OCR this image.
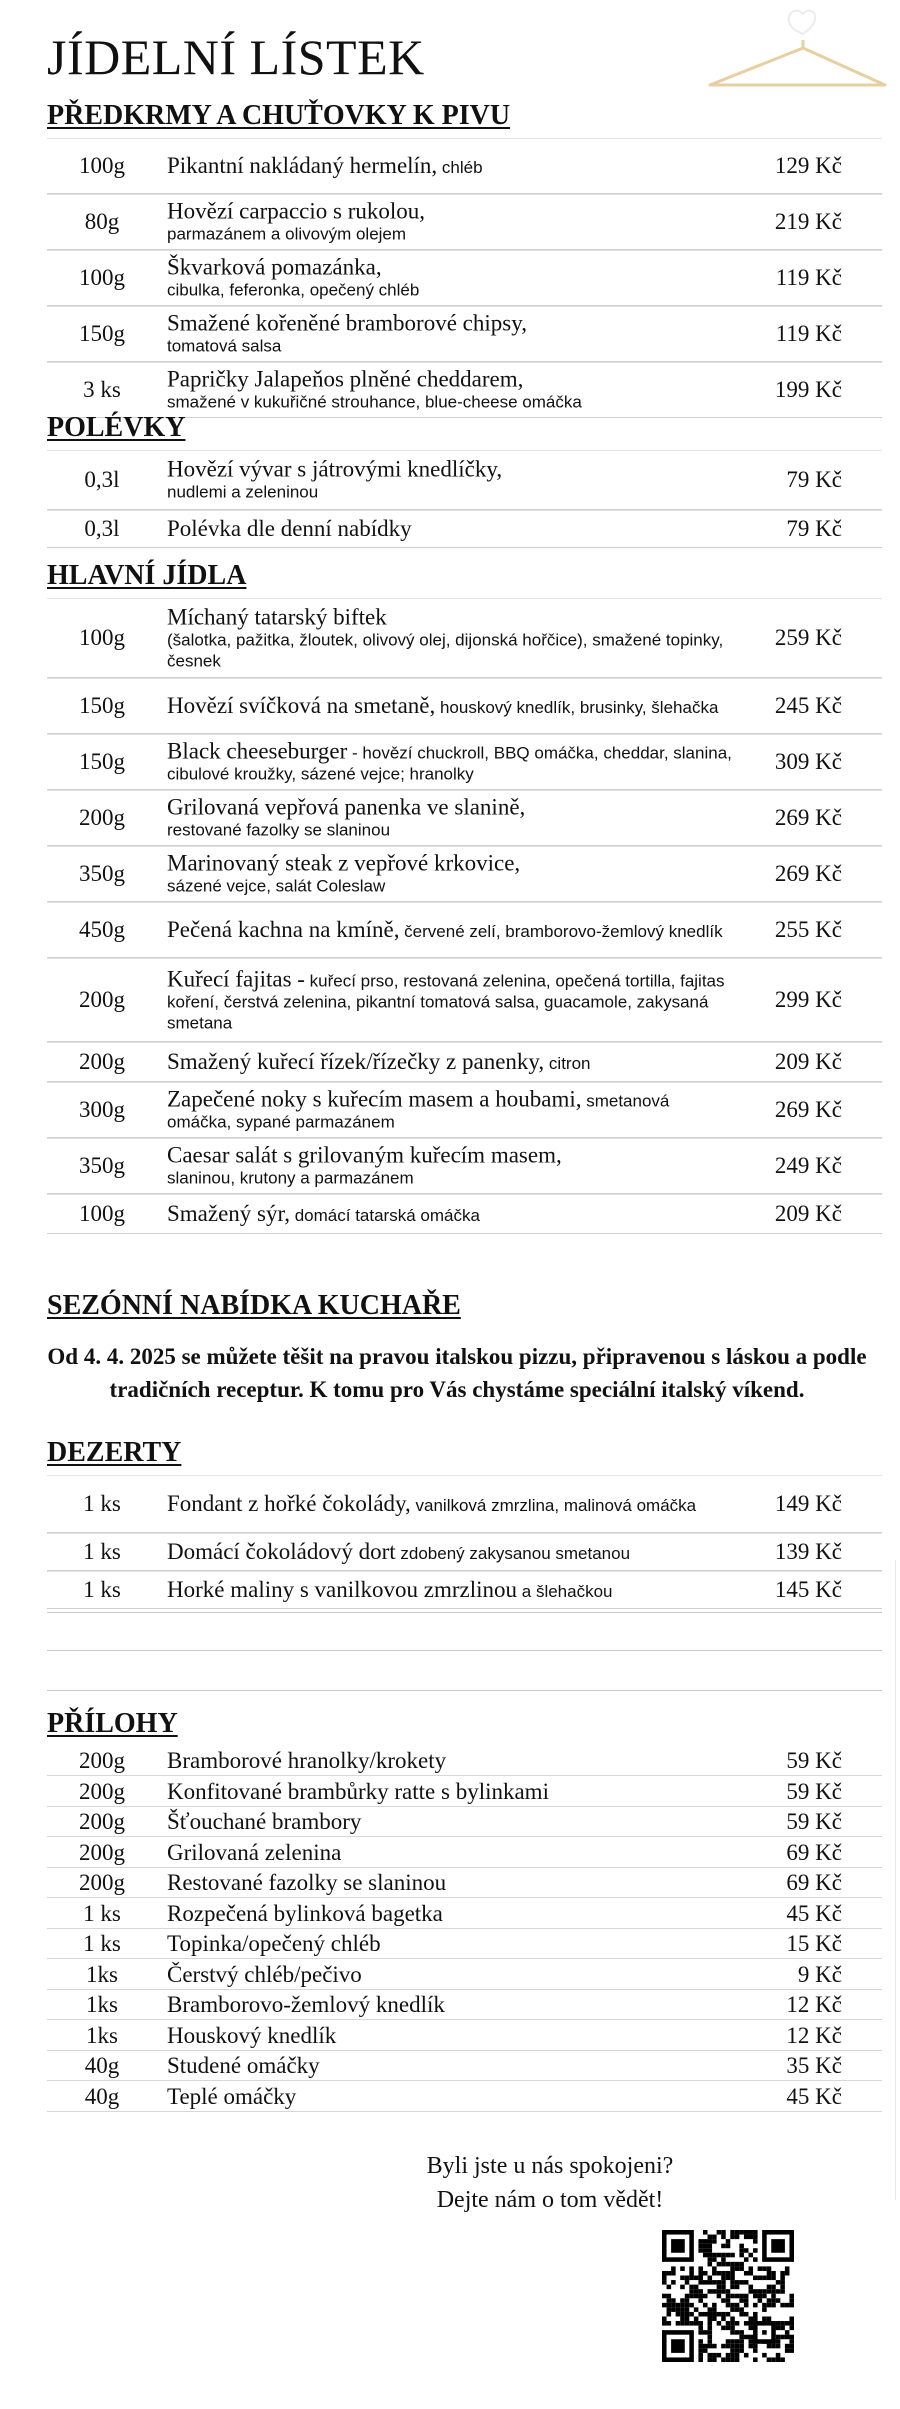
JÍDELNÍ LÍSTEK
PŘEDKRMY A CHUŤOVKY K PIVU
100g	Pikantní nakládaný hermelín, chléb	129 Kč
80g	Hovězí carpaccio s rukolou,
parmazánem a olivovým olejem
219 Kč
100g	Škvarková pomazánka,
cibulka, feferonka, opečený chléb
119 Kč
150g	Smažené kořeněné bramborové chipsy,
tomatová salsa
119 Kč
3 ks	Papričky Jalapeňos plněné cheddarem,
smažené v kukuřičné strouhance, blue-cheese omáčka
199 Kč
POLÉVKY
0,3l	Hovězí vývar s játrovými knedlíčky,
nudlemi a zeleninou
79 Kč
0,3l	Polévka dle denní nabídky	79 Kč
HLAVNÍ JÍDLA
100g
Míchaný tatarský biftek
(šalotka, pažitka, žloutek, olivový olej, dijonská hořčice), smažené topinky, česnek
259 Kč
150g	Hovězí svíčková na smetaně, houskový knedlík, brusinky, šlehačka	245 Kč
150g	Black cheeseburger - hovězí chuckroll, BBQ omáčka, cheddar, slanina, cibulové kroužky, sázené vejce; hranolky
309 Kč
200g	Grilovaná vepřová panenka ve slanině,
restované fazolky se slaninou
269 Kč
350g	Marinovaný steak z vepřové krkovice,
sázené vejce, salát Coleslaw
269 Kč
450g	Pečená kachna na kmíně, červené zelí, bramborovo-žemlový knedlík	255 Kč
200g
Kuřecí fajitas - kuřecí prso, restovaná zelenina, opečená tortilla, fajitas koření, čerstvá zelenina, pikantní tomatová salsa, guacamole, zakysaná smetana
299 Kč
200g	Smažený kuřecí řízek/řízečky z panenky, citron	209 Kč
300g	Zapečené noky s kuřecím masem a houbami, smetanová omáčka, sypané parmazánem
269 Kč
350g	Caesar salát s grilovaným kuřecím masem,
slaninou, krutony a parmazánem
249 Kč
100g	Smažený sýr, domácí tatarská omáčka	209 Kč
DEZERTY
1 ks	Fondant z hořké čokolády, vanilková zmrzlina, malinová omáčka	149 Kč
1 ks	Domácí čokoládový dort zdobený zakysanou smetanou	139 Kč
1 ks	Horké maliny s vanilkovou zmrzlinou a šlehačkou	145 Kč
PŘÍLOHY
200g	Bramborové hranolky/krokety	59 Kč
200g	Konfitované brambůrky ratte s bylinkami	59 Kč
200g	Šťouchané brambory	59 Kč
200g	Grilovaná zelenina	69 Kč
200g	Restované fazolky se slaninou	69 Kč
1 ks	Rozpečená bylinková bagetka	45 Kč
1 ks	Topinka/opečený chléb	15 Kč
1ks	Čerstvý chléb/pečivo	9 Kč
1ks	Bramborovo-žemlový knedlík	12 Kč
1ks	Houskový knedlík	12 Kč
40g	Studené omáčky	35 Kč
40g	Teplé omáčky	45 Kč
SEZÓNNÍ NABÍDKA KUCHAŘE
Od 4. 4. 2025 se můžete těšit na pravou italskou pizzu, připravenou s láskou a podle tradičních receptur. K tomu pro Vás chystáme speciální italský víkend.
Byli jste u nás spokojeni?
Dejte nám o tom vědět!
